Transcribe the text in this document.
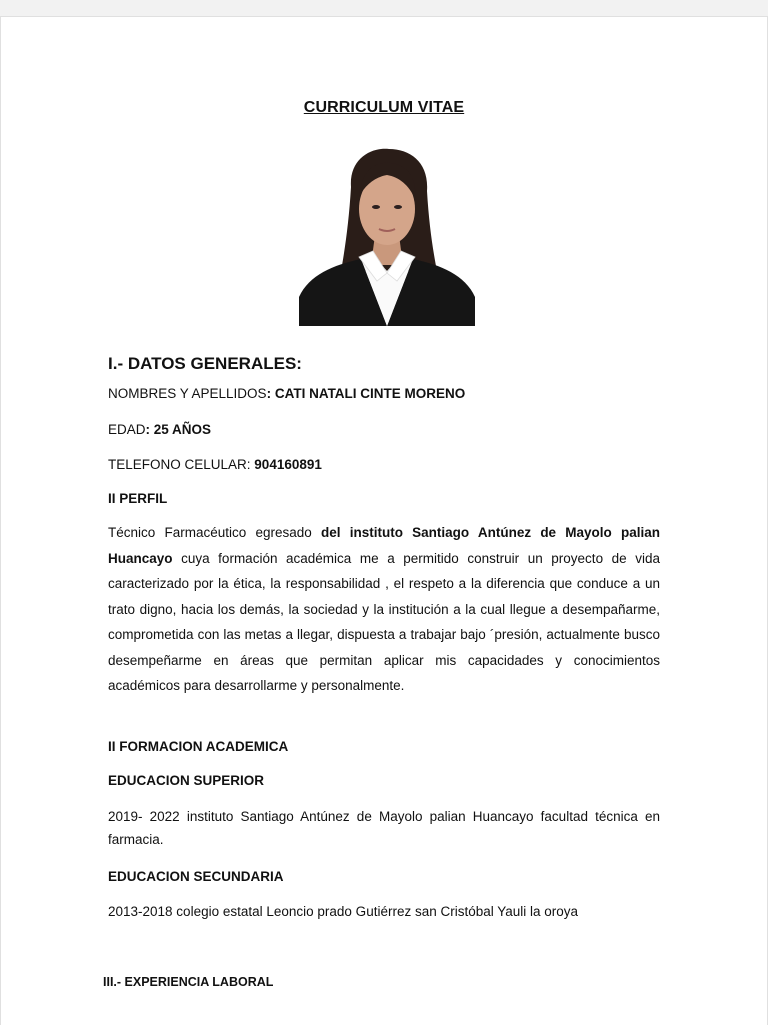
CURRICULUM VITAE
I.- DATOS GENERALES:
NOMBRES Y APELLIDOS: CATI NATALI CINTE MORENO
EDAD: 25 AÑOS
TELEFONO CELULAR: 904160891
II PERFIL
Técnico Farmacéutico egresado del instituto Santiago Antúnez de Mayolo palian Huancayo cuya formación académica me a permitido construir un proyecto de vida caracterizado por la ética, la responsabilidad , el respeto a la diferencia que conduce a un trato digno, hacia los demás, la sociedad y la institución a la cual llegue a desempañarme, comprometida con las metas a llegar, dispuesta a trabajar bajo ´presión, actualmente busco desempeñarme en áreas que permitan aplicar mis capacidades y conocimientos académicos para desarrollarme y personalmente.
II FORMACION ACADEMICA
EDUCACION SUPERIOR
2019- 2022 instituto Santiago Antúnez de Mayolo palian Huancayo facultad técnica en farmacia.
EDUCACION SECUNDARIA
2013-2018 colegio estatal Leoncio prado Gutiérrez san Cristóbal Yauli la oroya
III.- EXPERIENCIA LABORAL
